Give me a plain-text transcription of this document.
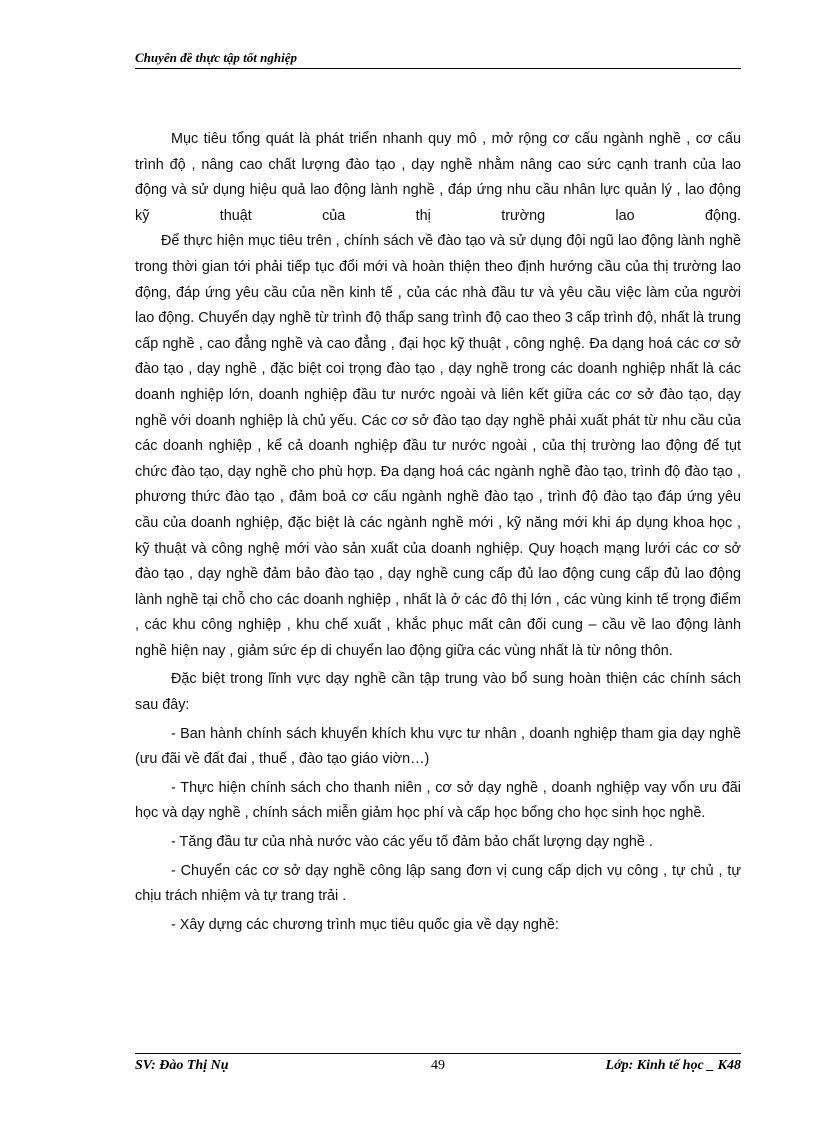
Chuyên đề thực tập tốt nghiệp

Mục tiêu tổng quát là phát triển nhanh quy mô , mở rộng cơ cấu ngành nghề , cơ cấu trình độ , nâng cao chất lượng đào tạo , dạy nghề nhằm nâng cao sức cạnh tranh của lao động và sử dụng hiệu quả lao động lành nghề , đáp ứng nhu cầu nhân lực quản lý , lao động kỹ thuật của thị trường lao động.

Để thực hiện mục tiêu trên , chính sách về đào tạo và sử dụng đội ngũ lao động lành nghề trong thời gian tới phải tiếp tục đổi mới và hoàn thiện theo định hướng cầu của thị trường lao động, đáp ứng yêu cầu của nền kinh tế , của các nhà đầu tư và yêu cầu việc làm của người lao động. Chuyển dạy nghề từ trình độ thấp sang trình độ cao theo 3 cấp trình độ, nhất là trung cấp nghề , cao đẳng nghề và cao đẳng , đại học kỹ thuật , công nghệ. Đa dạng hoá các cơ sở đào tạo , dạy nghề , đặc biệt coi trọng đào tạo , dạy nghề trong các doanh nghiệp nhất là các doanh nghiệp lớn, doanh nghiệp đầu tư nước ngoài và liên kết giữa các cơ sở đào tạo, dạy nghề với doanh nghiệp là chủ yếu. Các cơ sở đào tạo dạy nghề phải xuất phát từ nhu cầu của các doanh nghiệp , kể cả doanh nghiệp đầu tư nước ngoài , của thị trường lao động để tụt chức đào tạo, dạy nghề cho phù hợp. Đa dạng hoá các ngành nghề đào tạo, trình độ đào tạo , phương thức đào tạo , đảm boả cơ cấu ngành nghề đào tạo , trình độ đào tạo đáp ứng yêu cầu của doanh nghiệp, đặc biệt là các ngành nghề mới , kỹ năng mới khi áp dụng khoa học , kỹ thuật và công nghệ mới vào sản xuất của doanh nghiệp. Quy hoạch mạng lưới các cơ sở đào tạo , dạy nghề đảm bảo đào tạo , dạy nghề cung cấp đủ lao động cung cấp đủ lao động lành nghề tại chỗ cho các doanh nghiệp , nhất là ở các đô thị lớn , các vùng kinh tế trọng điểm , các khu công nghiệp , khu chế xuất , khắc phục mất cân đối cung – cầu về lao động lành nghề hiện nay , giảm sức ép di chuyển lao động giữa các vùng nhất là từ nông thôn.

Đặc biệt trong lĩnh vực dạy nghề cần tập trung vào bổ sung hoàn thiện các chính sách sau đây:

- Ban hành chính sách khuyến khích khu vực tư nhân , doanh nghiệp tham gia dạy nghề (ưu đãi về đất đai , thuế , đào tạo giáo viờn…)

- Thực hiện chính sách cho thanh niên , cơ sở dạy nghề , doanh nghiệp vay vốn ưu đãi học và dạy nghề , chính sách miễn giảm học phí và cấp học bổng cho học sinh học nghề.

- Tăng đầu tư của nhà nước vào các yếu tố đảm bảo chất lượng dạy nghề .

- Chuyển các cơ sở dạy nghề công lập sang đơn vị cung cấp dịch vụ công , tự chủ , tự chịu trách nhiệm và tự trang trải .

- Xây dựng các chương trình mục tiêu quốc gia về dạy nghề:

SV: Đào Thị Nụ	49	Lớp: Kinh tế học _ K48
